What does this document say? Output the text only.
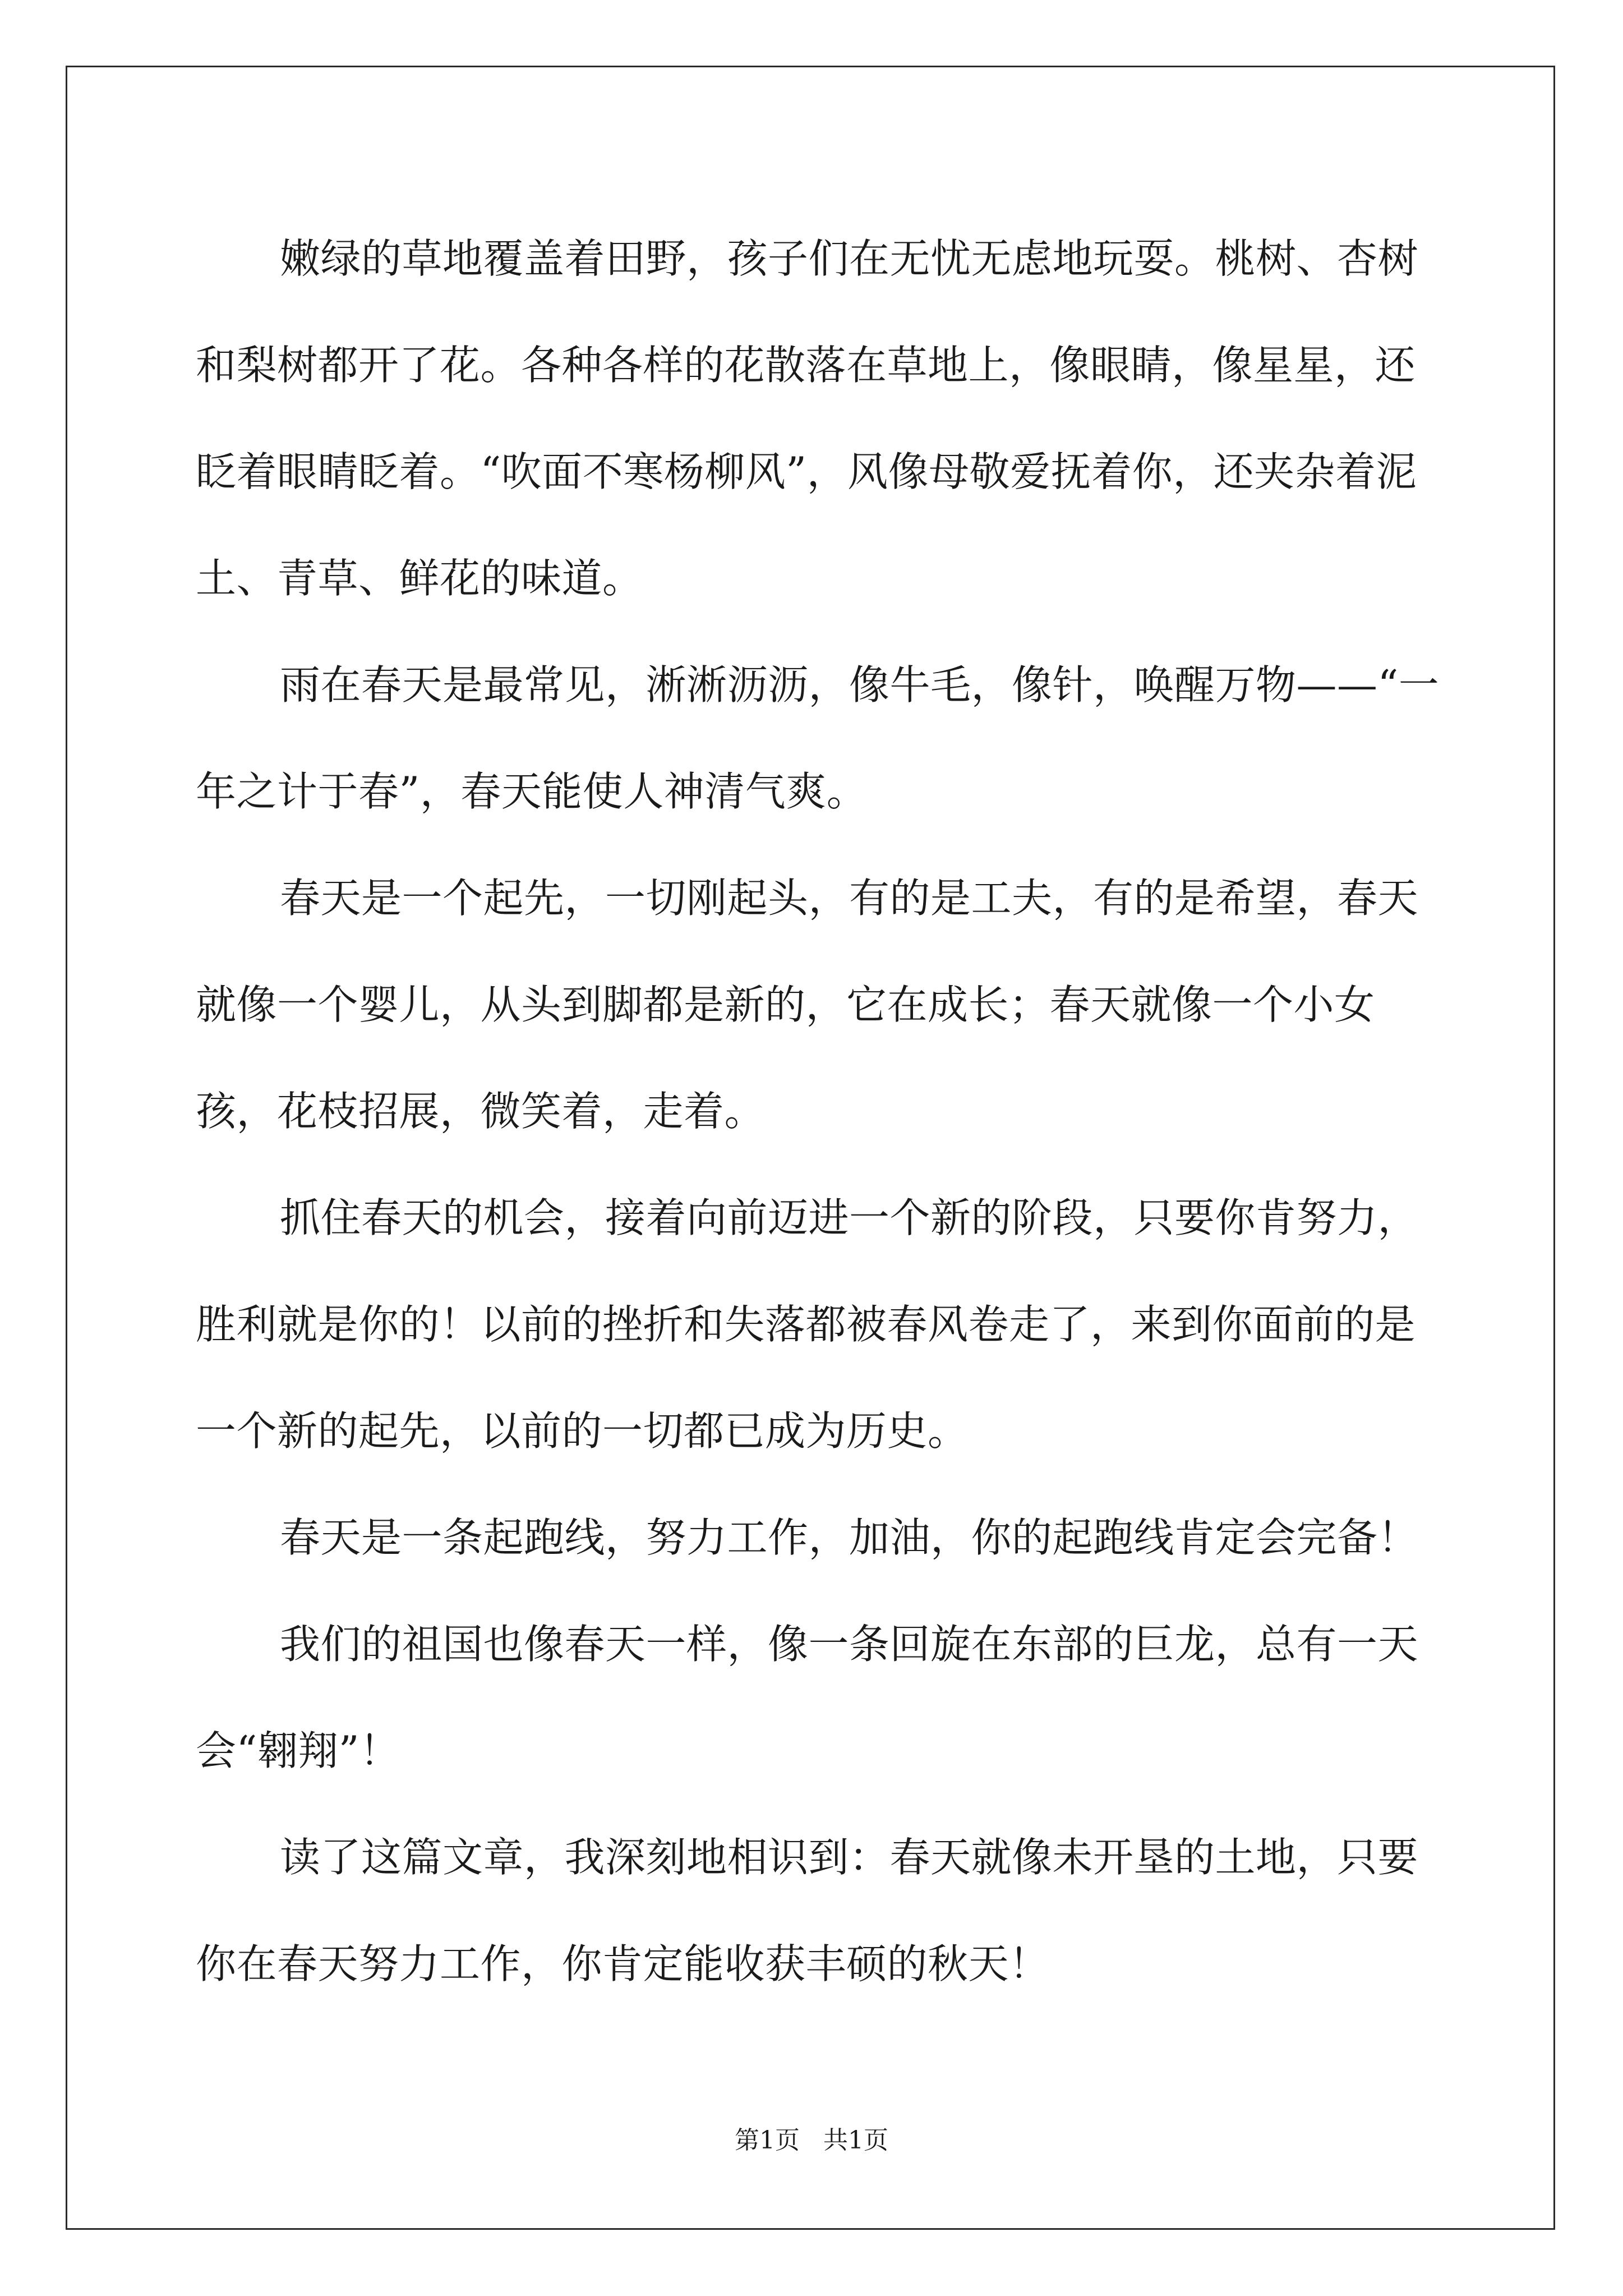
嫩绿的草地覆盖着田野，孩子们在无忧无虑地玩耍。桃树、杏树和梨树都开了花。各种各样的花散落在草地上，像眼睛，像星星，还眨着眼睛眨着。“吹面不寒杨柳风”，风像母敬爱抚着你，还夹杂着泥土、青草、鲜花的味道。

雨在春天是最常见，淅淅沥沥，像牛毛，像针，唤醒万物——“一年之计于春”，春天能使人神清气爽。

春天是一个起先，一切刚起头，有的是工夫，有的是希望，春天就像一个婴儿，从头到脚都是新的，它在成长；春天就像一个小女孩，花枝招展，微笑着，走着。

抓住春天的机会，接着向前迈进一个新的阶段，只要你肯努力，胜利就是你的！以前的挫折和失落都被春风卷走了，来到你面前的是一个新的起先，以前的一切都已成为历史。

春天是一条起跑线，努力工作，加油，你的起跑线肯定会完备！

我们的祖国也像春天一样，像一条回旋在东部的巨龙，总有一天会“翱翔”！

读了这篇文章，我深刻地相识到：春天就像未开垦的土地，只要你在春天努力工作，你肯定能收获丰硕的秋天！

第1页 共1页
